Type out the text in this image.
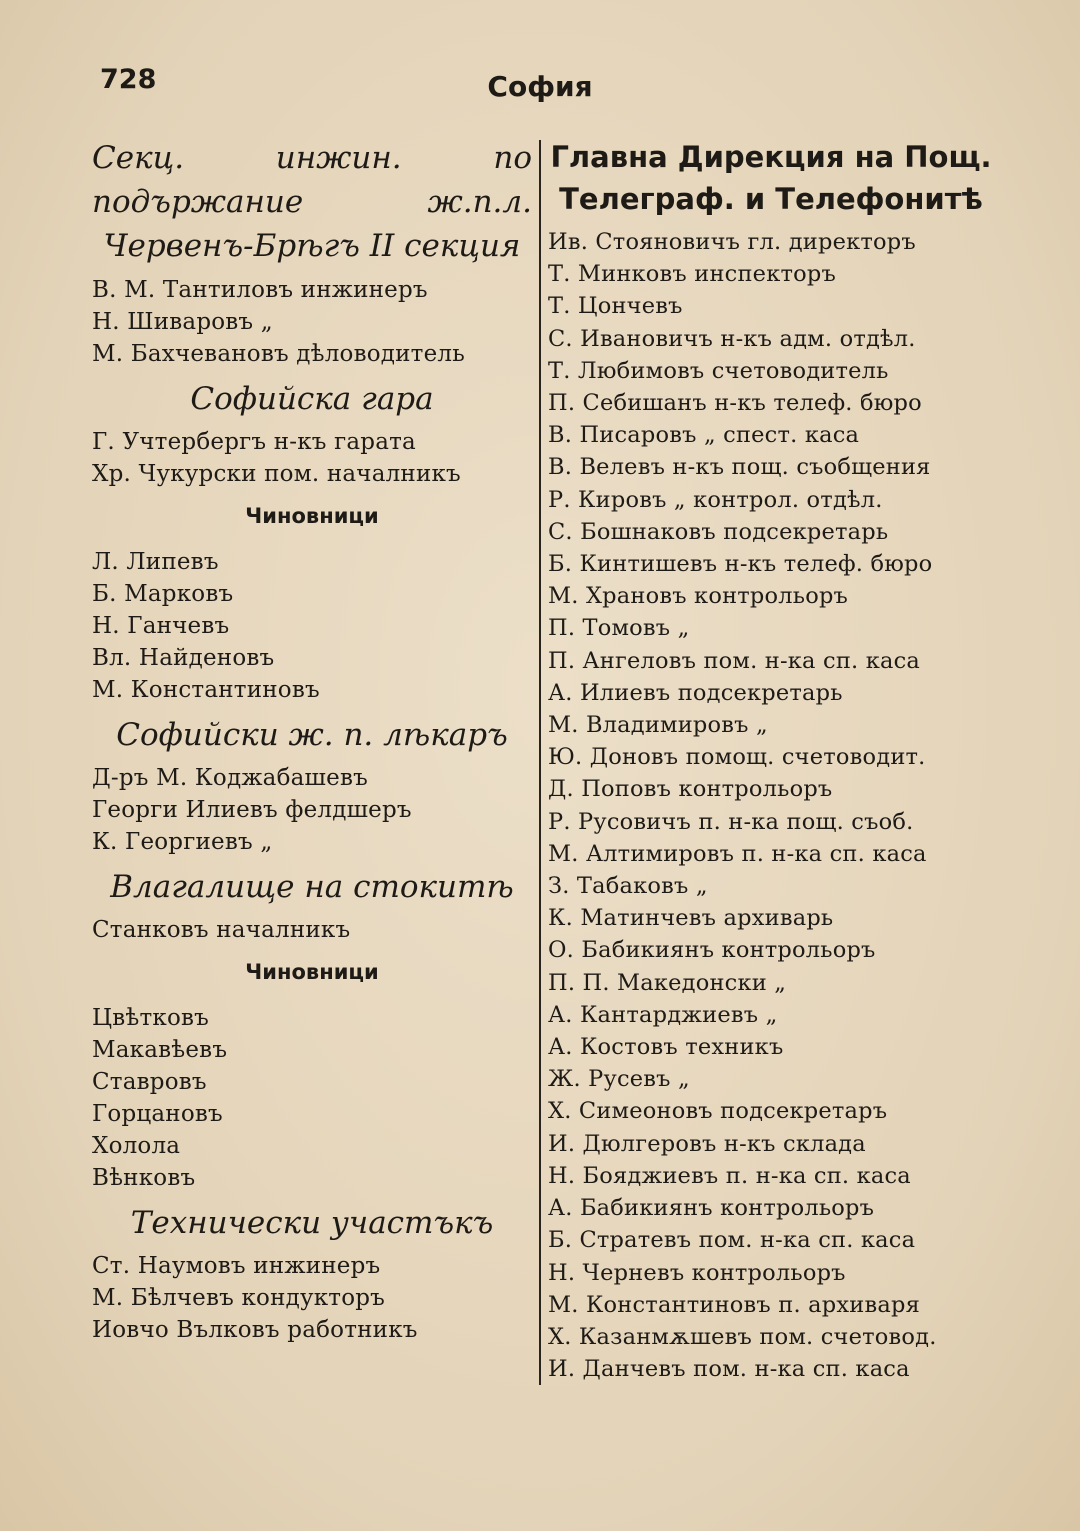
728	София
Секц. инжин. по подържание ж.п.л. Червенъ-Брѣгъ II секция
В. М. Тантиловъ инжинеръ
Н. Шиваровъ „
М. Бахчевановъ дѣловодитель
Софийска гара
Г. Учтербергъ н-къ гарата
Хр. Чукурски пом. началникъ
Чиновници
Л. Липевъ
Б. Марковъ
Н. Ганчевъ
Вл. Найденовъ
М. Константиновъ
Софийски ж. п. лѣкаръ
Д-ръ М. Коджабашевъ
Георги Илиевъ фелдшеръ
К. Георгиевъ „
Влагалище на стокитѣ
Станковъ началникъ
Чиновници
Цвѣтковъ
Макавѣевъ
Ставровъ
Горцановъ
Холола
Вѣнковъ
Технически участъкъ
Ст. Наумовъ инжинеръ
М. Бѣлчевъ кондукторъ
Иовчо Вълковъ работникъ
Главна Дирекция на Пощ.
Телеграф. и Телефонитѣ
Ив. Стояновичъ гл. директоръ
Т. Минковъ инспекторъ
Т. Цончевъ
С. Ивановичъ н-къ адм. отдѣл.
Т. Любимовъ счетоводитель
П. Себишанъ н-къ телеф. бюро
В. Писаровъ „ спест. каса
В. Велевъ н-къ пощ. съобщения
Р. Кировъ „ контрол. отдѣл.
С. Бошнаковъ подсекретарь
Б. Кинтишевъ н-къ телеф. бюро
М. Храновъ контрольоръ
П. Томовъ „
П. Ангеловъ пом. н-ка сп. каса
А. Илиевъ подсекретарь
М. Владимировъ „
Ю. Доновъ помощ. счетоводит.
Д. Поповъ контрольоръ
Р. Русовичъ п. н-ка пощ. съоб.
М. Алтимировъ п. н-ка сп. каса
З. Табаковъ „
К. Матинчевъ архиварь
О. Бабикиянъ контрольоръ
П. П. Македонски „
А. Кантарджиевъ „
А. Костовъ техникъ
Ж. Русевъ „
Х. Симеоновъ подсекретаръ
И. Дюлгеровъ н-къ склада
Н. Бояджиевъ п. н-ка сп. каса
А. Бабикиянъ контрольоръ
Б. Стратевъ пом. н-ка сп. каса
Н. Черневъ контрольоръ
М. Константиновъ п. архиваря
Х. Казанмѫшевъ пом. счетовод.
И. Данчевъ пом. н-ка сп. каса
